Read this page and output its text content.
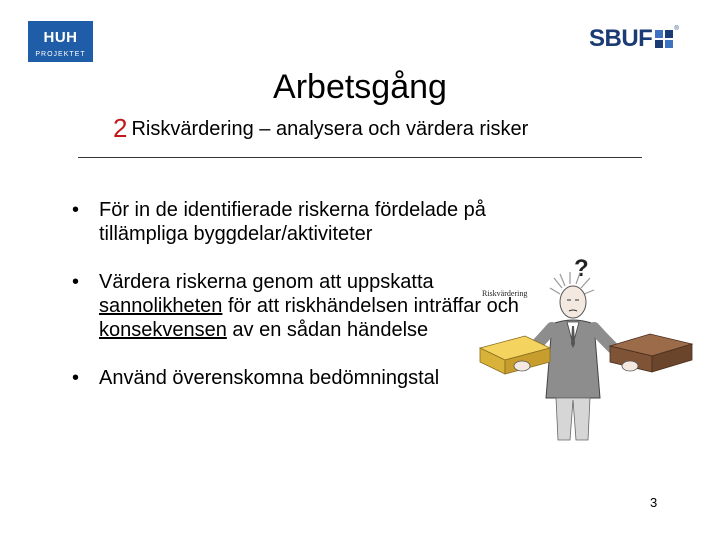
HUH
PROJEKTET
SBUF	®
Arbetsgång
2 Riskvärdering – analysera och värdera risker
• För in de identifierade riskerna fördelade på tillämpliga byggdelar/aktiviteter
• Värdera riskerna genom att uppskatta sannolikheten för att riskhändelsen inträffar och konsekvensen av en sådan händelse
• Använd överenskomna bedömningstal
Riskvärdering
?
3
